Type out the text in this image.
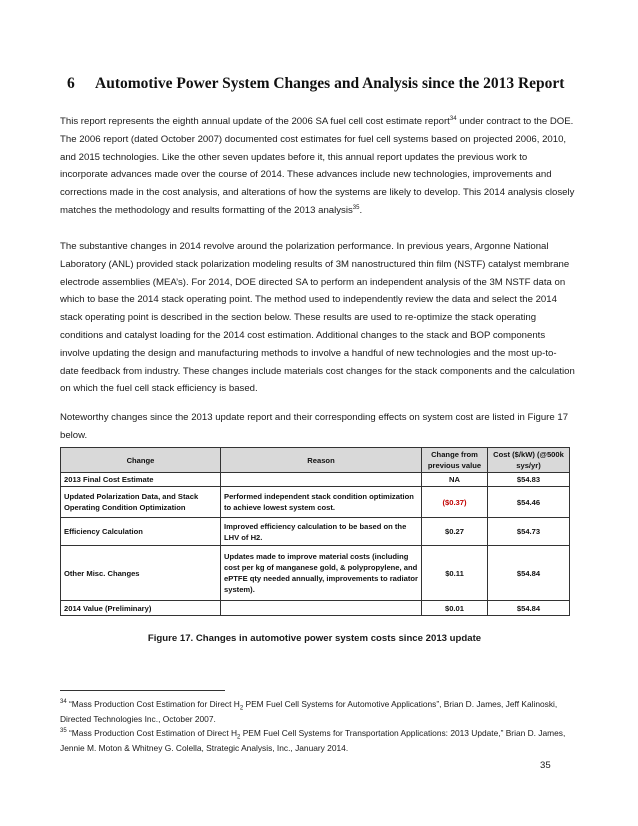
6 Automotive Power System Changes and Analysis since the 2013 Report

This report represents the eighth annual update of the 2006 SA fuel cell cost estimate report$^{34}$ under contract to the DOE. The 2006 report (dated October 2007) documented cost estimates for fuel cell systems based on projected 2006, 2010, and 2015 technologies. Like the other seven updates before it, this annual report updates the previous work to incorporate advances made over the course of 2014. These advances include new technologies, improvements and corrections made in the cost analysis, and alterations of how the systems are likely to develop. This 2014 analysis closely matches the methodology and results formatting of the 2013 analysis$^{35}$.

The substantive changes in 2014 revolve around the polarization performance. In previous years, Argonne National Laboratory (ANL) provided stack polarization modeling results of 3M nanostructured thin film (NSTF) catalyst membrane electrode assemblies (MEA’s). For 2014, DOE directed SA to perform an independent analysis of the 3M NSTF data on which to base the 2014 stack operating point. The method used to independently review the data and select the 2014 stack operating point is described in the section below. These results are used to re-optimize the stack operating conditions and catalyst loading for the 2014 cost estimation. Additional changes to the stack and BOP components involve updating the design and manufacturing methods to involve a handful of new technologies and the most up-to-date feedback from industry. These changes include materials cost changes for the stack components and the calculation on which the fuel cell stack efficiency is based.

Noteworthy changes since the 2013 update report and their corresponding effects on system cost are listed in Figure 17 below.

Change	Reason	Change from previous value	Cost ($/kW) (@500k sys/yr)
2013 Final Cost Estimate		NA	$54.83
Updated Polarization Data, and Stack Operating Condition Optimization	Performed independent stack condition optimization to achieve lowest system cost.	($0.37)	$54.46
Efficiency Calculation	Improved efficiency calculation to be based on the LHV of H2.	$0.27	$54.73
Other Misc. Changes	Updates made to improve material costs (including cost per kg of manganese gold, & polypropylene, and ePTFE qty needed annually, improvements to radiator system).	$0.11	$54.84
2014 Value (Preliminary)		$0.01	$54.84
Figure 17. Changes in automotive power system costs since 2013 update
$^{34}$ “Mass Production Cost Estimation for Direct $H_2$ PEM Fuel Cell Systems for Automotive Applications”, Brian D. James, Jeff Kalinoski, Directed Technologies Inc., October 2007.
$^{35}$ “Mass Production Cost Estimation of Direct $H_2$ PEM Fuel Cell Systems for Transportation Applications: 2013 Update,” Brian D. James, Jennie M. Moton & Whitney G. Colella, Strategic Analysis, Inc., January 2014.
35
